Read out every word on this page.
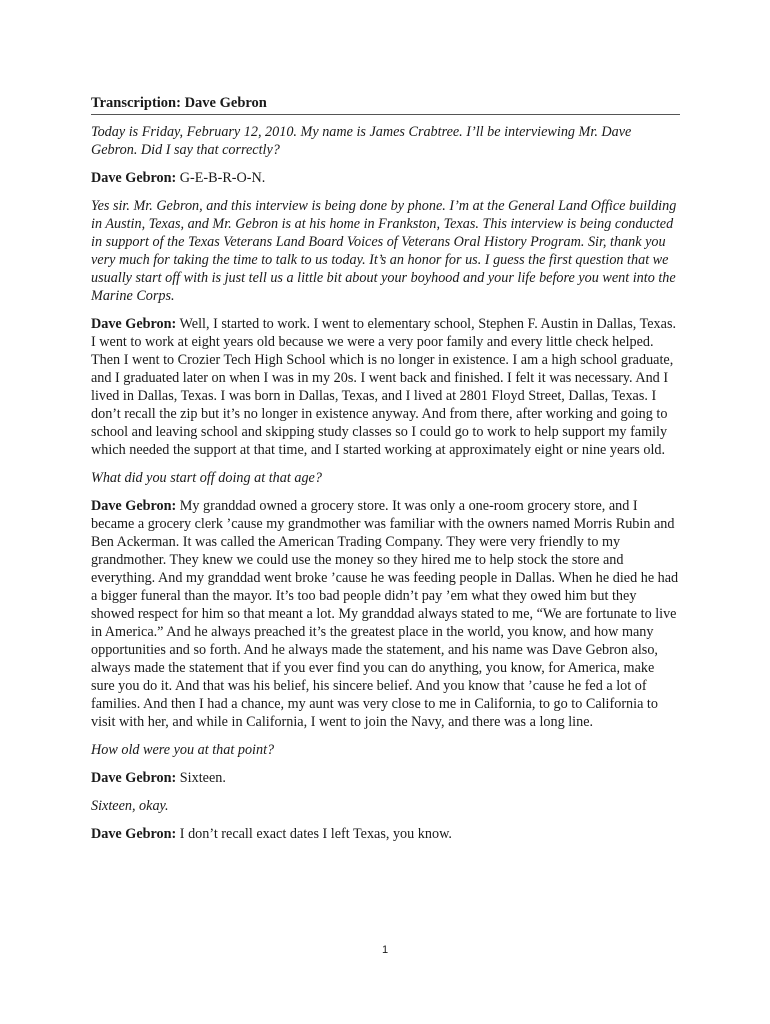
Transcription: Dave Gebron

Today is Friday, February 12, 2010. My name is James Crabtree. I’ll be interviewing Mr. Dave Gebron. Did I say that correctly?

Dave Gebron: G-E-B-R-O-N.

Yes sir. Mr. Gebron, and this interview is being done by phone. I’m at the General Land Office building in Austin, Texas, and Mr. Gebron is at his home in Frankston, Texas. This interview is being conducted in support of the Texas Veterans Land Board Voices of Veterans Oral History Program. Sir, thank you very much for taking the time to talk to us today. It’s an honor for us. I guess the first question that we usually start off with is just tell us a little bit about your boyhood and your life before you went into the Marine Corps.

Dave Gebron: Well, I started to work. I went to elementary school, Stephen F. Austin in Dallas, Texas. I went to work at eight years old because we were a very poor family and every little check helped. Then I went to Crozier Tech High School which is no longer in existence. I am a high school graduate, and I graduated later on when I was in my 20s. I went back and finished. I felt it was necessary. And I lived in Dallas, Texas. I was born in Dallas, Texas, and I lived at 2801 Floyd Street, Dallas, Texas. I don’t recall the zip but it’s no longer in existence anyway. And from there, after working and going to school and leaving school and skipping study classes so I could go to work to help support my family which needed the support at that time, and I started working at approximately eight or nine years old.

What did you start off doing at that age?

Dave Gebron: My granddad owned a grocery store. It was only a one-room grocery store, and I became a grocery clerk ’cause my grandmother was familiar with the owners named Morris Rubin and Ben Ackerman. It was called the American Trading Company. They were very friendly to my grandmother. They knew we could use the money so they hired me to help stock the store and everything. And my granddad went broke ’cause he was feeding people in Dallas. When he died he had a bigger funeral than the mayor. It’s too bad people didn’t pay ’em what they owed him but they showed respect for him so that meant a lot. My granddad always stated to me, “We are fortunate to live in America.” And he always preached it’s the greatest place in the world, you know, and how many opportunities and so forth. And he always made the statement, and his name was Dave Gebron also, always made the statement that if you ever find you can do anything, you know, for America, make sure you do it. And that was his belief, his sincere belief. And you know that ’cause he fed a lot of families. And then I had a chance, my aunt was very close to me in California, to go to California to visit with her, and while in California, I went to join the Navy, and there was a long line.

How old were you at that point?

Dave Gebron: Sixteen.

Sixteen, okay.

Dave Gebron: I don’t recall exact dates I left Texas, you know.

1
